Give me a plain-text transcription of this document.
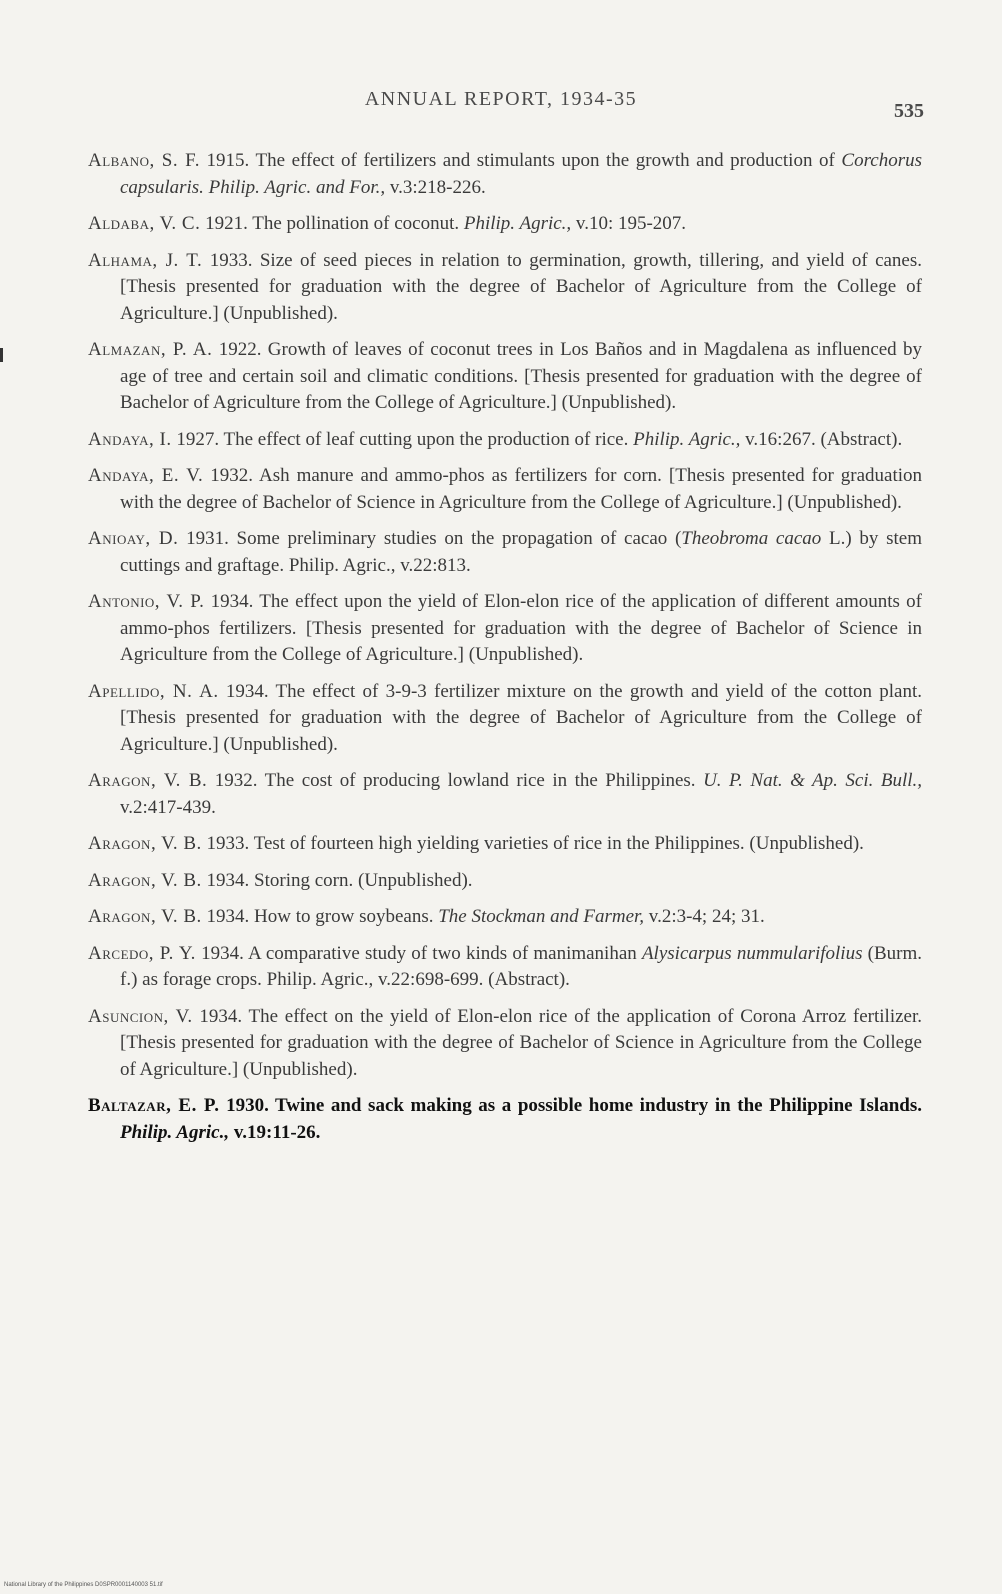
ANNUAL REPORT, 1934-35
535
Albano, S. F. 1915. The effect of fertilizers and stimulants upon the growth and production of Corchorus capsularis. Philip. Agric. and For., v.3:218-226.
Aldaba, V. C. 1921. The pollination of coconut. Philip. Agric., v.10: 195-207.
Alhama, J. T. 1933. Size of seed pieces in relation to germination, growth, tillering, and yield of canes. [Thesis presented for graduation with the degree of Bachelor of Agriculture from the College of Agriculture.] (Unpublished).
Almazan, P. A. 1922. Growth of leaves of coconut trees in Los Baños and in Magdalena as influenced by age of tree and certain soil and climatic conditions. [Thesis presented for graduation with the degree of Bachelor of Agriculture from the College of Agriculture.] (Unpublished).
Andaya, I. 1927. The effect of leaf cutting upon the production of rice. Philip. Agric., v.16:267. (Abstract).
Andaya, E. V. 1932. Ash manure and ammo-phos as fertilizers for corn. [Thesis presented for graduation with the degree of Bachelor of Science in Agriculture from the College of Agriculture.] (Unpublished).
Anioay, D. 1931. Some preliminary studies on the propagation of cacao (Theobroma cacao L.) by stem cuttings and graftage. Philip. Agric., v.22:813.
Antonio, V. P. 1934. The effect upon the yield of Elon-elon rice of the application of different amounts of ammo-phos fertilizers. [Thesis presented for graduation with the degree of Bachelor of Science in Agriculture from the College of Agriculture.] (Unpublished).
Apellido, N. A. 1934. The effect of 3-9-3 fertilizer mixture on the growth and yield of the cotton plant. [Thesis presented for graduation with the degree of Bachelor of Agriculture from the College of Agriculture.] (Unpublished).
Aragon, V. B. 1932. The cost of producing lowland rice in the Philippines. U. P. Nat. & Ap. Sci. Bull., v.2:417-439.
Aragon, V. B. 1933. Test of fourteen high yielding varieties of rice in the Philippines. (Unpublished).
Aragon, V. B. 1934. Storing corn. (Unpublished).
Aragon, V. B. 1934. How to grow soybeans. The Stockman and Farmer, v.2:3-4; 24; 31.
Arcedo, P. Y. 1934. A comparative study of two kinds of manimanihan Alysicarpus nummularifolius (Burm. f.) as forage crops. Philip. Agric., v.22:698-699. (Abstract).
Asuncion, V. 1934. The effect on the yield of Elon-elon rice of the application of Corona Arroz fertilizer. [Thesis presented for graduation with the degree of Bachelor of Science in Agriculture from the College of Agriculture.] (Unpublished).
Baltazar, E. P. 1930. Twine and sack making as a possible home industry in the Philippine Islands. Philip. Agric., v.19:11-26.
National Library of the Philippines D0SPR0001140003 51.tif
